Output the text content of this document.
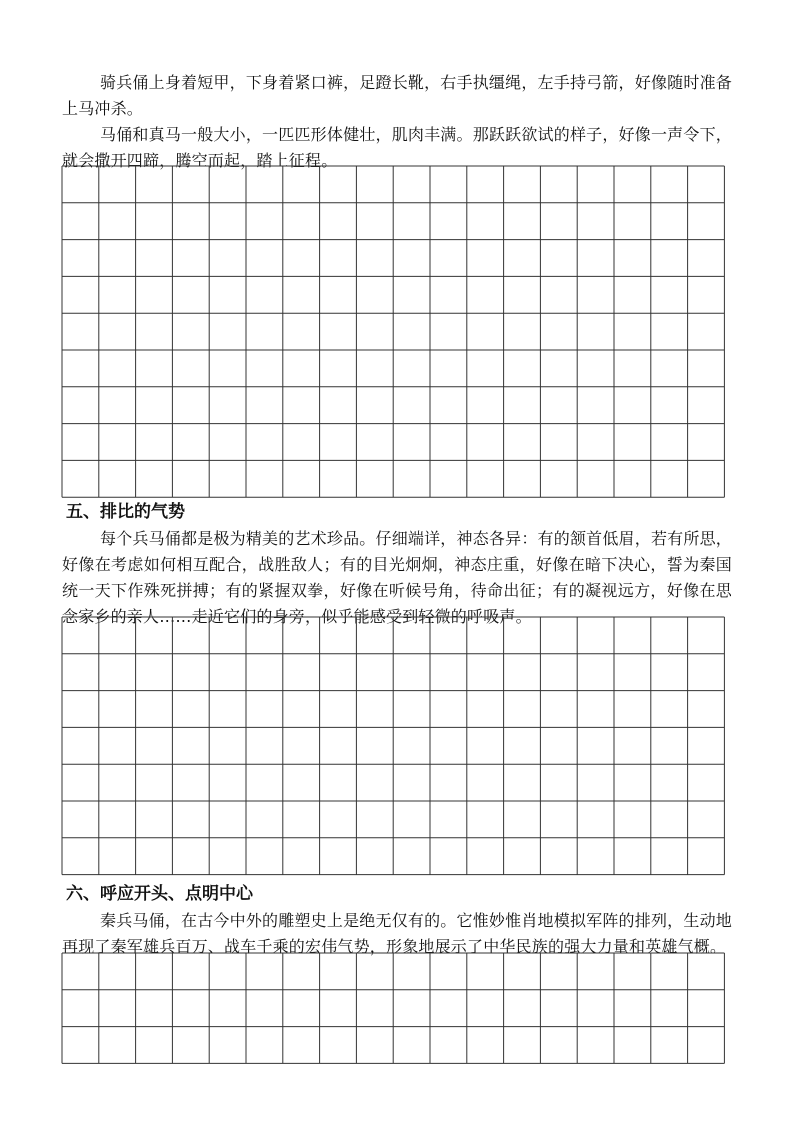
骑兵俑上身着短甲，下身着紧口裤，足蹬长靴，右手执缰绳，左手持弓箭，好像随时准备上马冲杀。

马俑和真马一般大小，一匹匹形体健壮，肌肉丰满。那跃跃欲试的样子，好像一声令下，就会撒开四蹄，腾空而起，踏上征程。

五、排比的气势

每个兵马俑都是极为精美的艺术珍品。仔细端详，神态各异：有的颔首低眉，若有所思，好像在考虑如何相互配合，战胜敌人；有的目光炯炯，神态庄重，好像在暗下决心，誓为秦国统一天下作殊死拼搏；有的紧握双拳，好像在听候号角，待命出征；有的凝视远方，好像在思念家乡的亲人……走近它们的身旁，似乎能感受到轻微的呼吸声。

六、呼应开头、点明中心

秦兵马俑，在古今中外的雕塑史上是绝无仅有的。它惟妙惟肖地模拟军阵的排列，生动地再现了秦军雄兵百万、战车千乘的宏伟气势，形象地展示了中华民族的强大力量和英雄气概。
